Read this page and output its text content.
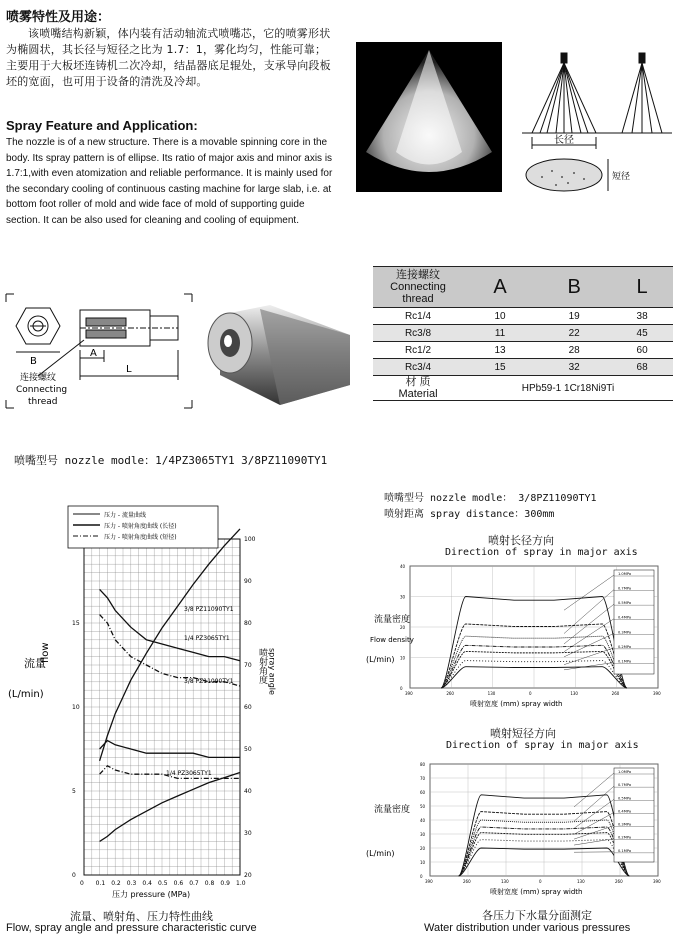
喷雾特性及用途：

该喷嘴结构新颖，体内装有活动轴流式喷嘴芯，它的喷雾形状为椭圆状，其长径与短径之比为 1.7：1，雾化均匀，性能可靠；主要用于大板坯连铸机二次冷却，结晶器底足辊处，支承导向段板坯的宽面，也可用于设备的清洗及冷却。

Spray Feature and Application:
The nozzle is of a new structure. There is a movable spinning core in the body. Its spray pattern is of ellipse. Its ratio of major axis and minor axis is 1.7:1,with even atomization and reliable performance. It is mainly used for the secondary cooling of continuous casting machine for large slab, i.e. at bottom foot roller of mold and wide face of mold of supporting guide section. It can be also used for cleaning and cooling of equipment.
长径
短径
连接螺纹
Connecting
thread	A	B	L
Rc1/4	10	19	38
Rc3/8	11	22	45
Rc1/2	13	28	60
Rc3/4	15	32	68

材 质
Material	HPb59-1 1Cr18Ni9Ti		
B
A
L
连接螺纹
Connecting
thread
喷嘴型号 nozzle modle：1/4PZ3065TY1 3/8PZ11090TY1
喷嘴型号 nozzle modle： 3/8PZ11090TY1
喷射距离 spray distance：300mm
喷射长径方向
Direction of spray in major axis
喷射短径方向
Direction of spray in major axis
0 0.1 0.2 0.3 0.4 0.5 0.6 0.7 0.8 0.9 1.0
0
5
10
15
20
30
40
50
60
70
80
90
100
压力 - 流量曲线
压力 - 喷射角度曲线 (长径)
压力 - 喷射角度曲线 (短径)
流量
flow
(L/min)
喷射角度 spray angle
压力 pressure (MPa)
3/8 PZ11090TY1
1/4 PZ3065TY1
3/8 PZ11090TY1
1/4 PZ3065TY1
0
10
20
30
40
390	260	130	0	130	260	390
1.0MPa
0.7MPa
0.5MPa
0.4MPa
0.3MPa
0.2MPa
0.1MPa
流量密度
Flow density
(L/min)
喷射宽度 (mm) spray width
0
10
20
30
40
50
60
70
80
390	260	130	0	130	260	390
1.0MPa
0.7MPa
0.5MPa
0.4MPa
0.3MPa
0.2MPa
0.1MPa
流量密度
(L/min)
喷射宽度 (mm) spray width
流量、喷射角、压力特性曲线
Flow, spray angle and pressure characteristic curve
各压力下水量分面测定
Water distribution under various pressures
